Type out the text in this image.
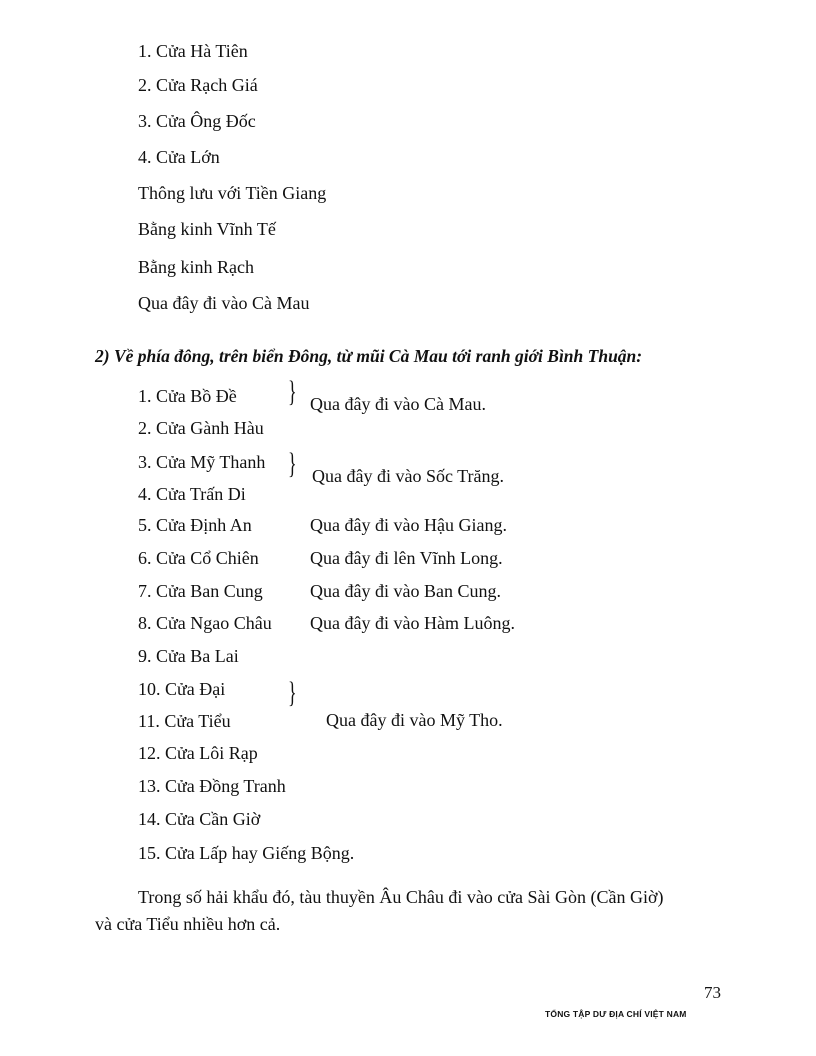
1. Cửa Hà Tiên
2. Cửa Rạch Giá
3. Cửa Ông Đốc
4. Cửa Lớn
Thông lưu với Tiền Giang
Bằng kinh Vĩnh Tế
Bằng kinh Rạch
Qua đây đi vào Cà Mau
2) Về phía đông, trên biển Đông, từ mũi Cà Mau tới ranh giới Bình Thuận:
1. Cửa Bồ Đề } Qua đây đi vào Cà Mau.
2. Cửa Gành Hàu
3. Cửa Mỹ Thanh } Qua đây đi vào Sốc Trăng.
4. Cửa Trấn Di
5. Cửa Định An	Qua đây đi vào Hậu Giang.
6. Cửa Cổ Chiên	Qua đây đi lên Vĩnh Long.
7. Cửa Ban Cung	Qua đây đi vào Ban Cung.
8. Cửa Ngao Châu Qua đây đi vào Hàm Luông.
9. Cửa Ba Lai
10. Cửa Đại }
11. Cửa Tiểu	Qua đây đi vào Mỹ Tho.
12. Cửa Lôi Rạp
13. Cửa Đồng Tranh
14. Cửa Cần Giờ
15. Cửa Lấp hay Giếng Bộng.
Trong số hải khẩu đó, tàu thuyền Âu Châu đi vào cửa Sài Gòn (Cần Giờ)
và cửa Tiểu nhiều hơn cả.
73
TỔNG TẬP DƯ ĐỊA CHÍ VIỆT NAM
